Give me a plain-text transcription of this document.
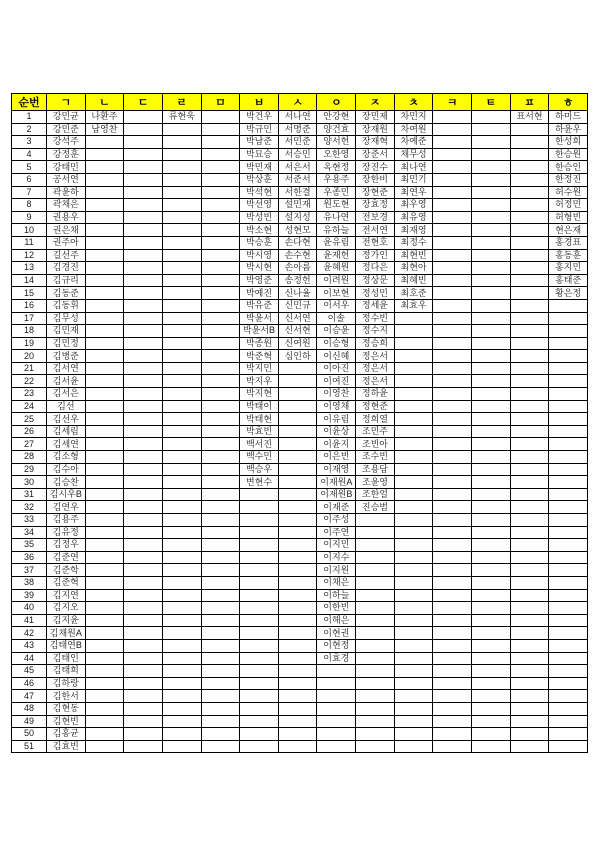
순번	ㄱ	ㄴ	ㄷ	ㄹ	ㅁ	ㅂ	ㅅ	ㅇ	ㅈ	ㅊ	ㅋ	ㅌ	ㅍ	ㅎ
1	강민균	나환주		류현욱		박건우	서나연	안강현	장민제	차민지			표서현	하미드
2	강민준	남영찬				박규민	서명준	양건효	장재원	차여원				하윤우
3	강석주					박남준	서민준	양서헌	장재혁	차예준				한성희
4	강정훈					박묘승	서승민	오한영	장준서	채무성				한승원
5	강태민					박민재	서은서	옥현정	장진수	최나연				한승인
6	공서연					박상훈	서준서	우용주	장한비	최민기				한정진
7	곽윤하					박석현	서한결	우종민	장현준	최연우				허수원
8	곽채은					박선영	설민재	원도현	장효정	최우영				허정민
9	권용우					박성빈	설지성	유나연	전보경	최유영				허형빈
10	권은채					박소현	성현모	유하늘	전서연	최재영				현은재
11	권주아					박승훈	손다현	윤유림	전현호	최정수				홍경표
12	길선주					박시영	손수현	윤재헌	정가인	최현빈				홍동훈
13	김경진					박시현	손아름	윤혜원	정다은	최현아				홍지민
14	김규리					박영준	송정헌	이려원	정상문	최혜빈				홍태준
15	김동준					박예진	신나율	이보현	정성민	최호준				황은정
16	김동휘					박유준	신민규	이서우	정세윤	최효우				
17	김무성					박윤서	신서연	이솔	정수빈					
18	김민재					박윤서B	신서현	이승윤	정수지					
19	김민정					박종원	신여원	이승형	정승희					
20	김병준					박준혁	심인하	이신혜	정은서					
21	김서연					박지민		이아진	정은서					
22	김서윤					박지우		이여진	정은서					
23	김서은					박지현		이영찬	정하윤					
24	김선					박태이		이영채	정현준					
25	김선우					박태현		이유림	정희열					
26	김세림					박효빈		이윤상	조민주					
27	김세연					백서진		이윤지	조빈아					
28	김소형					백수민		이은빈	조수빈					
29	김수아					백승우		이재영	조용담					
30	김승찬					변현수		이재원A	조윤영					
31	김시우B							이재원B	조한얼					
32	김연우							이재준	진승범					
33	김용주							이주성						
34	김유정							이주연						
35	김정우							이지민						
36	김준연							이지수						
37	김준학							이지원						
38	김준혁							이채은						
39	김지연							이하늘						
40	김지오							이한빈						
41	김지윤							이해은						
42	김채원A							이현권						
43	김태연B							이현정						
44	김태인							이효경						
45	김태희													
46	김하랑													
47	김한서													
48	김현동													
49	김현빈													
50	김홍균													
51	김효빈													
